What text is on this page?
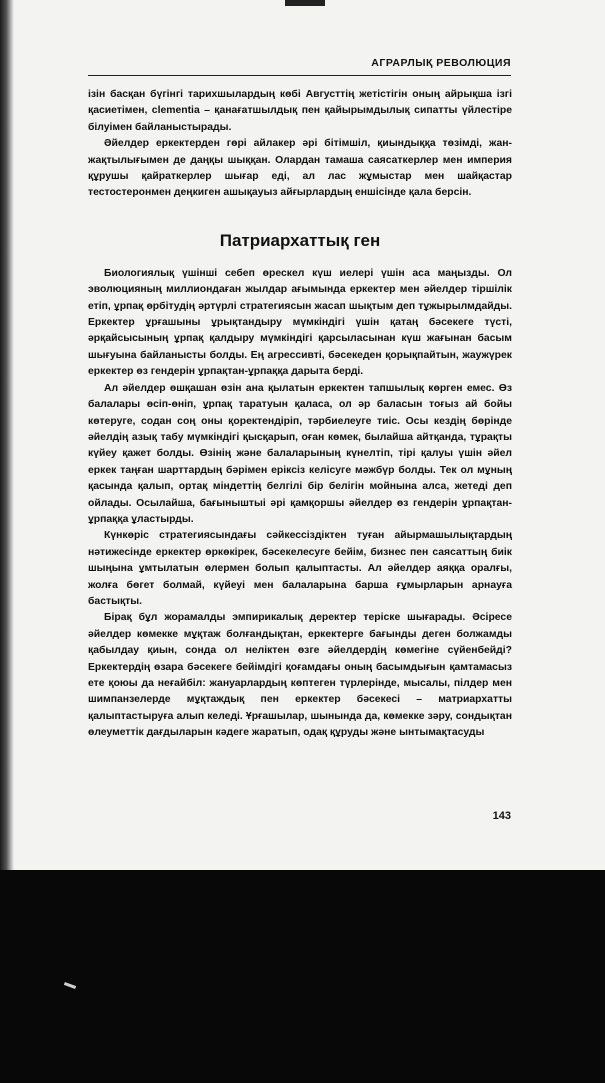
АГРАРЛЫҚ РЕВОЛЮЦИЯ

ізін басқан бүгінгі тарихшылардың көбі Августтің жетістігін оның айрықша ізгі қасиетімен, clementia – қанағатшылдық пен қайырымдылық сипатты үйлестіре білуімен байланыстырады.

Әйелдер еркектерден гөрі айлакер әрі бітімшіл, қиындыққа төзімді, жан-жақтылығымен де даңқы шыққан. Олардан тамаша саясаткерлер мен империя құрушы қайраткерлер шығар еді, ал лас жұмыстар мен шайқастар тестостеронмен деңкиген ашықауыз айғырлардың еншісінде қала берсін.

Патриархаттық ген

Биологиялық үшінші себеп өрескел күш иелері үшін аса маңызды. Ол эволюцияның миллиондаған жылдар ағымында еркектер мен әйелдер тіршілік етіп, ұрпақ өрбітудің әртүрлі стратегиясын жасап шықтым деп тұжырылмдайды. Еркектер ұрғашыны ұрықтандыру мүмкіндігі үшін қатаң бәсекеге түсті, әрқайсысының ұрпақ қалдыру мүмкіндігі қарсыласынан күш жағынан басым шығуына байланысты болды. Ең агрессивті, бәсекеден қорықпайтын, жаужүрек еркектер өз гендерін ұрпақтан-ұрпаққа дарыта берді.

Ал әйелдер өшқашан өзін ана қылатын еркектен тапшылық көрген емес. Өз балалары өсіп-өніп, ұрпақ таратуын қаласа, ол әр баласын тоғыз ай бойы көтеруге, содан соң оны қоректендіріп, тәрбиелеуге тиіс. Осы кездің бөрінде әйелдің азық табу мүмкіндігі қысқарып, оған көмек, былайша айтқанда, тұрақты күйеу қажет болды. Өзінің және балаларының күнелтіп, тірі қалуы үшін әйел еркек таңған шарттардың бәрімен еріксіз келісуге мәжбүр болды. Тек ол мұның қасында қалып, ортақ міндеттің белгілі бір белігін мойнына алса, жетеді деп ойлады. Осылайша, бағыныштыi әрі қамқоршы әйелдер өз гендерін ұрпақтан-ұрпаққа ұластырды.

Күнкөріс стратегиясындағы сәйкессіздіктен туған айырмашылықтардың нәтижесінде еркектер өркөкірек, бәсекелесуге бейім, бизнес пен саясаттың биік шыңына ұмтылатын өлермен болып қалыптасты. Ал әйелдер аяққа оралғы, жолға бөгет болмай, күйеуі мен балаларына барша ғұмырларын арнауға бастықты.

Бірақ бұл жорамалды эмпирикалық деректер теріске шығарады. Әсіресе әйелдер көмекке мұқтаж болғандықтан, еркектерге бағынды деген болжамды қабылдау қиын, сонда ол неліктен өзге әйелдердің көмегіне сүйенбейді? Еркектердің өзара бәсекеге бейімдігі қоғамдағы оның басымдығын қамтамасыз ете қоюы да неғайбіл: жануарлардың көптеген түрлерінде, мысалы, пілдер мен шимпанзелерде мұқтаждық пен еркектер бәсекесі – матриархатты қалыптастыруға алып келеді. Ұрғашылар, шынында да, көмекке зәру, сондықтан өлеуметтік дағдыларын кәдеге жаратып, одақ құруды және ынтымақтасуды

143
